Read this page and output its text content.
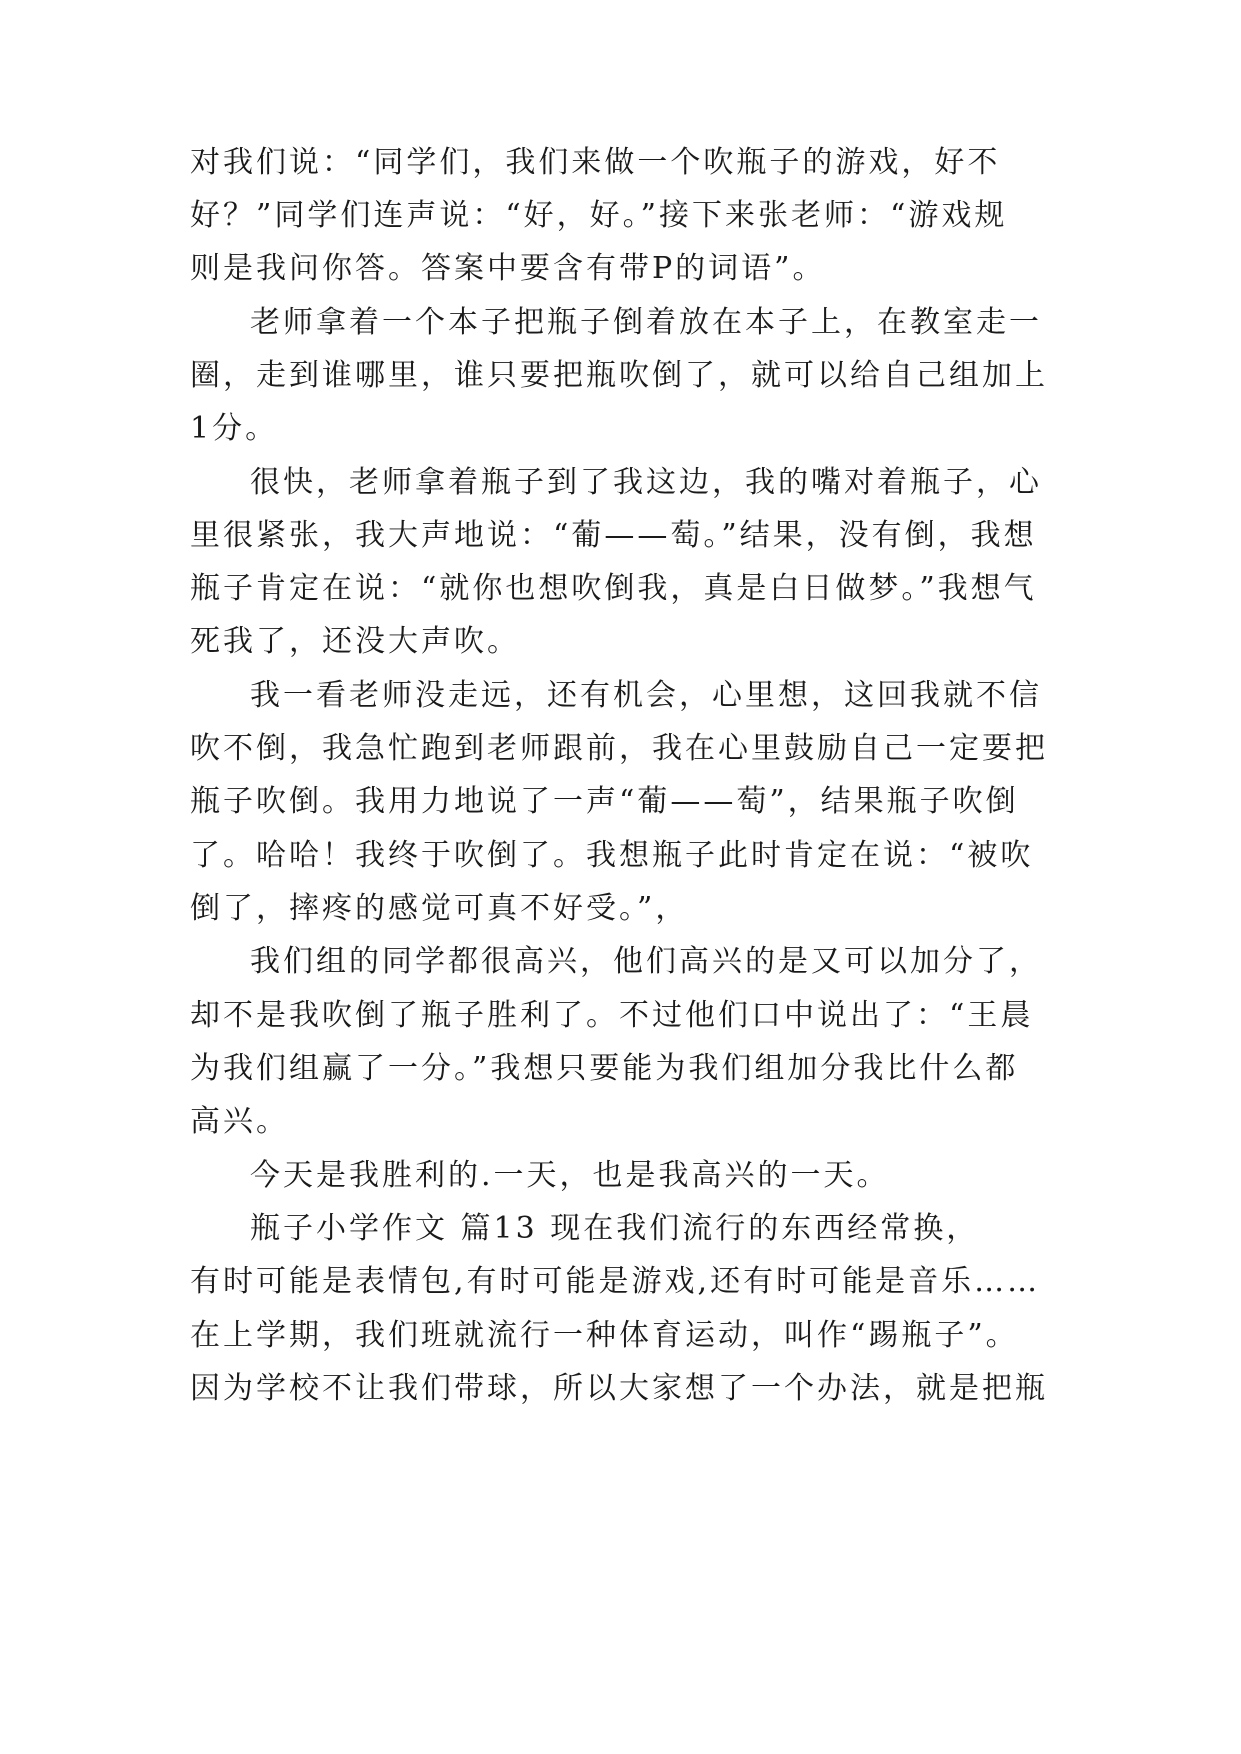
对我们说：“同学们，我们来做一个吹瓶子的游戏，好不
好？”同学们连声说：“好，好。”接下来张老师：“游戏规
则是我问你答。答案中要含有带P的词语”。
老师拿着一个本子把瓶子倒着放在本子上，在教室走一
圈，走到谁哪里，谁只要把瓶吹倒了，就可以给自己组加上
1分。
很快，老师拿着瓶子到了我这边，我的嘴对着瓶子，心
里很紧张，我大声地说：“葡——萄。”结果，没有倒，我想
瓶子肯定在说：“就你也想吹倒我，真是白日做梦。”我想气
死我了，还没大声吹。
我一看老师没走远，还有机会，心里想，这回我就不信
吹不倒，我急忙跑到老师跟前，我在心里鼓励自己一定要把
瓶子吹倒。我用力地说了一声“葡——萄”，结果瓶子吹倒
了。哈哈！我终于吹倒了。我想瓶子此时肯定在说：“被吹
倒了，摔疼的感觉可真不好受。”，
我们组的同学都很高兴，他们高兴的是又可以加分了，
却不是我吹倒了瓶子胜利了。不过他们口中说出了：“王晨
为我们组赢了一分。”我想只要能为我们组加分我比什么都
高兴。
今天是我胜利的.一天，也是我高兴的一天。
瓶子小学作文 篇13 现在我们流行的东西经常换，
有时可能是表情包,有时可能是游戏,还有时可能是音乐……
在上学期，我们班就流行一种体育运动，叫作“踢瓶子”。
因为学校不让我们带球，所以大家想了一个办法，就是把瓶
